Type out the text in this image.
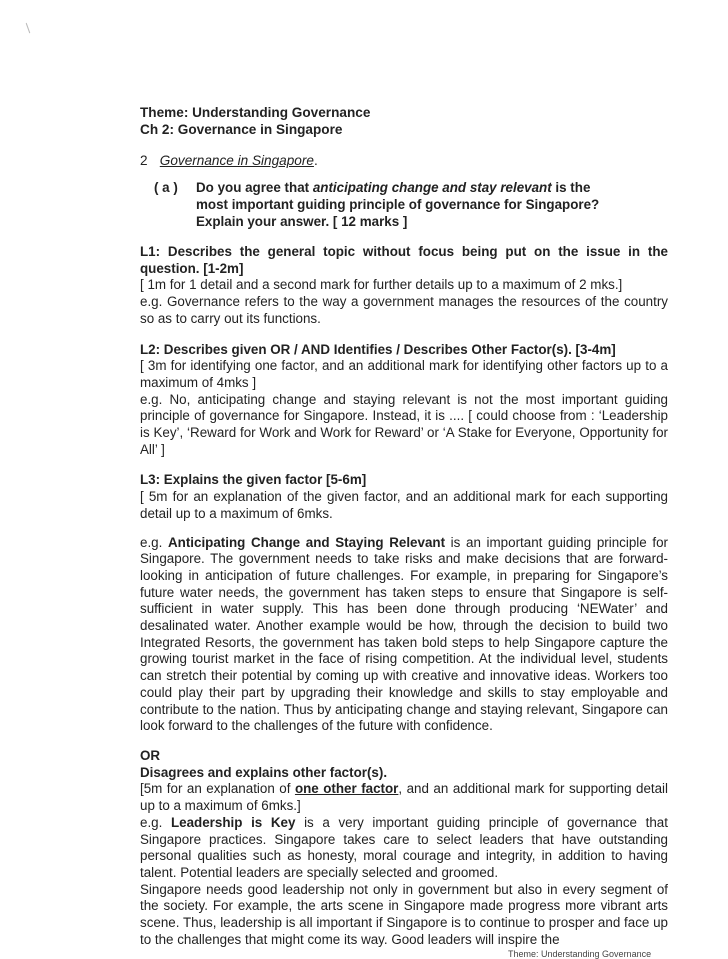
/

Theme: Understanding Governance

Ch 2: Governance in Singapore

2 Governance in Singapore.

( a ) Do you agree that anticipating change and stay relevant is the most important guiding principle of governance for Singapore? Explain your answer. [ 12 marks ]

L1: Describes the general topic without focus being put on the issue in the question. [1-2m]

[ 1m for 1 detail and a second mark for further details up to a maximum of 2 mks.]

e.g. Governance refers to the way a government manages the resources of the country so as to carry out its functions.

L2: Describes given OR / AND Identifies / Describes Other Factor(s). [3-4m]

[ 3m for identifying one factor, and an additional mark for identifying other factors up to a maximum of 4mks ]

e.g. No, anticipating change and staying relevant is not the most important guiding principle of governance for Singapore. Instead, it is .... [ could choose from : ‘Leadership is Key’, ‘Reward for Work and Work for Reward’ or ‘A Stake for Everyone, Opportunity for All’ ]

L3: Explains the given factor [5-6m]

[ 5m for an explanation of the given factor, and an additional mark for each supporting detail up to a maximum of 6mks.

e.g. Anticipating Change and Staying Relevant is an important guiding principle for Singapore. The government needs to take risks and make decisions that are forward-looking in anticipation of future challenges. For example, in preparing for Singapore’s future water needs, the government has taken steps to ensure that Singapore is self-sufficient in water supply. This has been done through producing ‘NEWater’ and desalinated water. Another example would be how, through the decision to build two Integrated Resorts, the government has taken bold steps to help Singapore capture the growing tourist market in the face of rising competition. At the individual level, students can stretch their potential by coming up with creative and innovative ideas. Workers too could play their part by upgrading their knowledge and skills to stay employable and contribute to the nation. Thus by anticipating change and staying relevant, Singapore can look forward to the challenges of the future with confidence.

OR

Disagrees and explains other factor(s).

[5m for an explanation of one other factor, and an additional mark for supporting detail up to a maximum of 6mks.]

e.g. Leadership is Key is a very important guiding principle of governance that Singapore practices. Singapore takes care to select leaders that have outstanding personal qualities such as honesty, moral courage and integrity, in addition to having talent. Potential leaders are specially selected and groomed.

Singapore needs good leadership not only in government but also in every segment of the society. For example, the arts scene in Singapore made progress more vibrant arts scene. Thus, leadership is all important if Singapore is to continue to prosper and face up to the challenges that might come its way. Good leaders will inspire the

Theme: Understanding Governance
